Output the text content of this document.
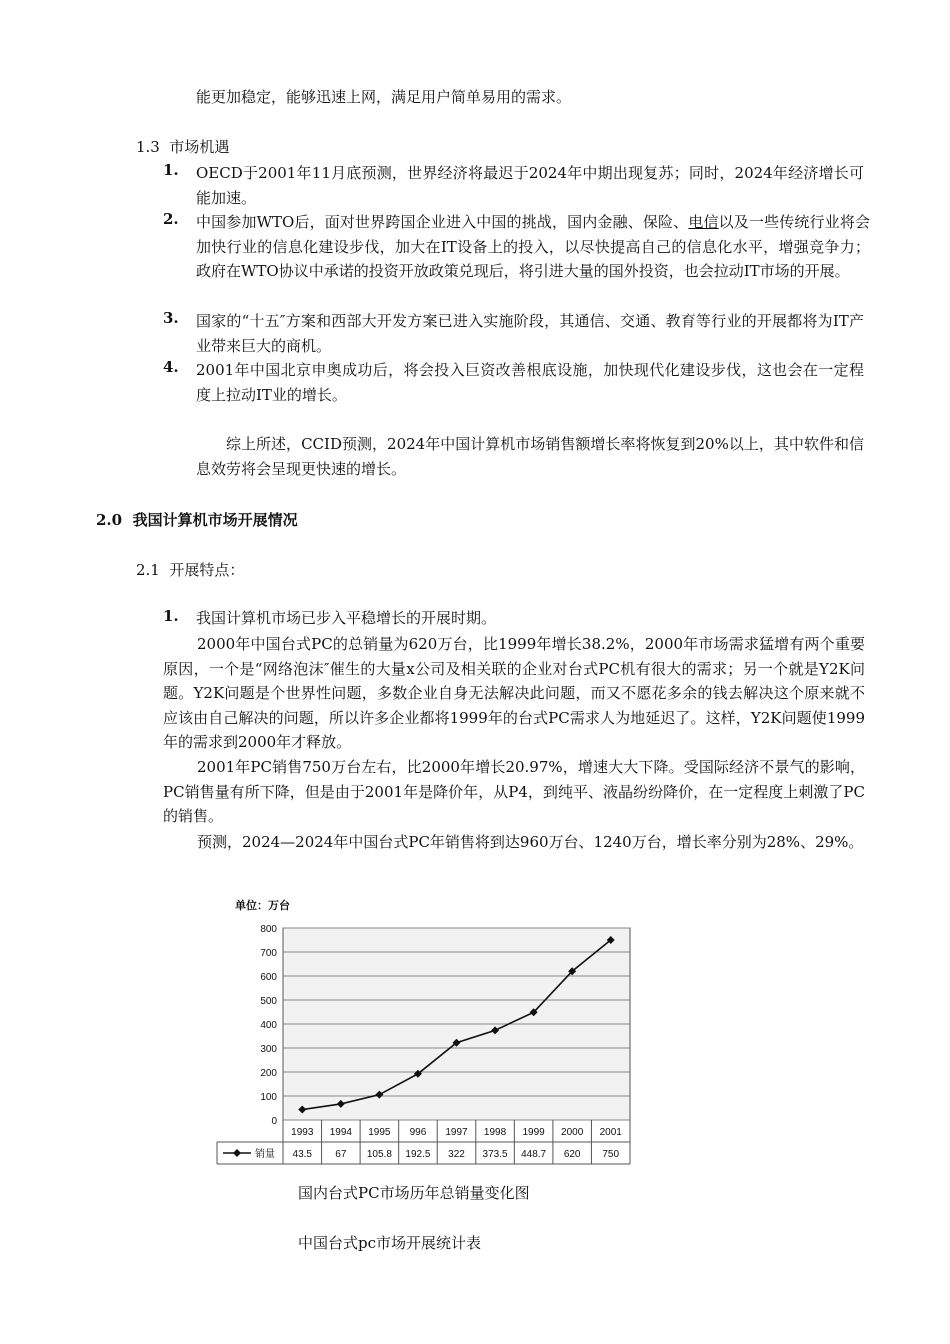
能更加稳定，能够迅速上网，满足用户简单易用的需求。
1.3 市场机遇
1. OECD于2001年11月底预测，世界经济将最迟于2024年中期出现复苏；同时，2024年经济增长可能加速。
2. 中国参加WTO后，面对世界跨国企业进入中国的挑战，国内金融、保险、电信以及一些传统行业将会加快行业的信息化建设步伐，加大在IT设备上的投入，以尽快提高自己的信息化水平，增强竞争力；政府在WTO协议中承诺的投资开放政策兑现后，将引进大量的国外投资，也会拉动IT市场的开展。
3. 国家的“十五″方案和西部大开发方案已进入实施阶段，其通信、交通、教育等行业的开展都将为IT产业带来巨大的商机。
4. 2001年中国北京申奥成功后，将会投入巨资改善根底设施，加快现代化建设步伐，这也会在一定程度上拉动IT业的增长。
综上所述，CCID预测，2024年中国计算机市场销售额增长率将恢复到20%以上，其中软件和信息效劳将会呈现更快速的增长。
2.0 我国计算机市场开展情况
2.1 开展特点：
1. 我国计算机市场已步入平稳增长的开展时期。
2000年中国台式PC的总销量为620万台，比1999年增长38.2%，2000年市场需求猛增有两个重要原因，一个是“网络泡沫″催生的大量x公司及相关联的企业对台式PC机有很大的需求；另一个就是Y2K问题。Y2K问题是个世界性问题，多数企业自身无法解决此问题，而又不愿花多余的钱去解决这个原来就不应该由自己解决的问题，所以许多企业都将1999年的台式PC需求人为地延迟了。这样，Y2K问题使1999年的需求到2000年才释放。
2001年PC销售750万台左右，比2000年增长20.97%，增速大大下降。受国际经济不景气的影响，PC销售量有所下降，但是由于2001年是降价年，从P4，到纯平、液晶纷纷降价，在一定程度上刺激了PC的销售。
预测，2024—2024年中国台式PC年销售将到达960万台、1240万台，增长率分别为28%、29%。
单位：万台
0
100
200
300
400
500
600
700
800
1993
43.5
1994
67
1995
105.8
996
192.5
1997
322
1998
373.5
1999
448.7
2000
620
2001
750
销量
国内台式PC市场历年总销量变化图
中国台式pc市场开展统计表
